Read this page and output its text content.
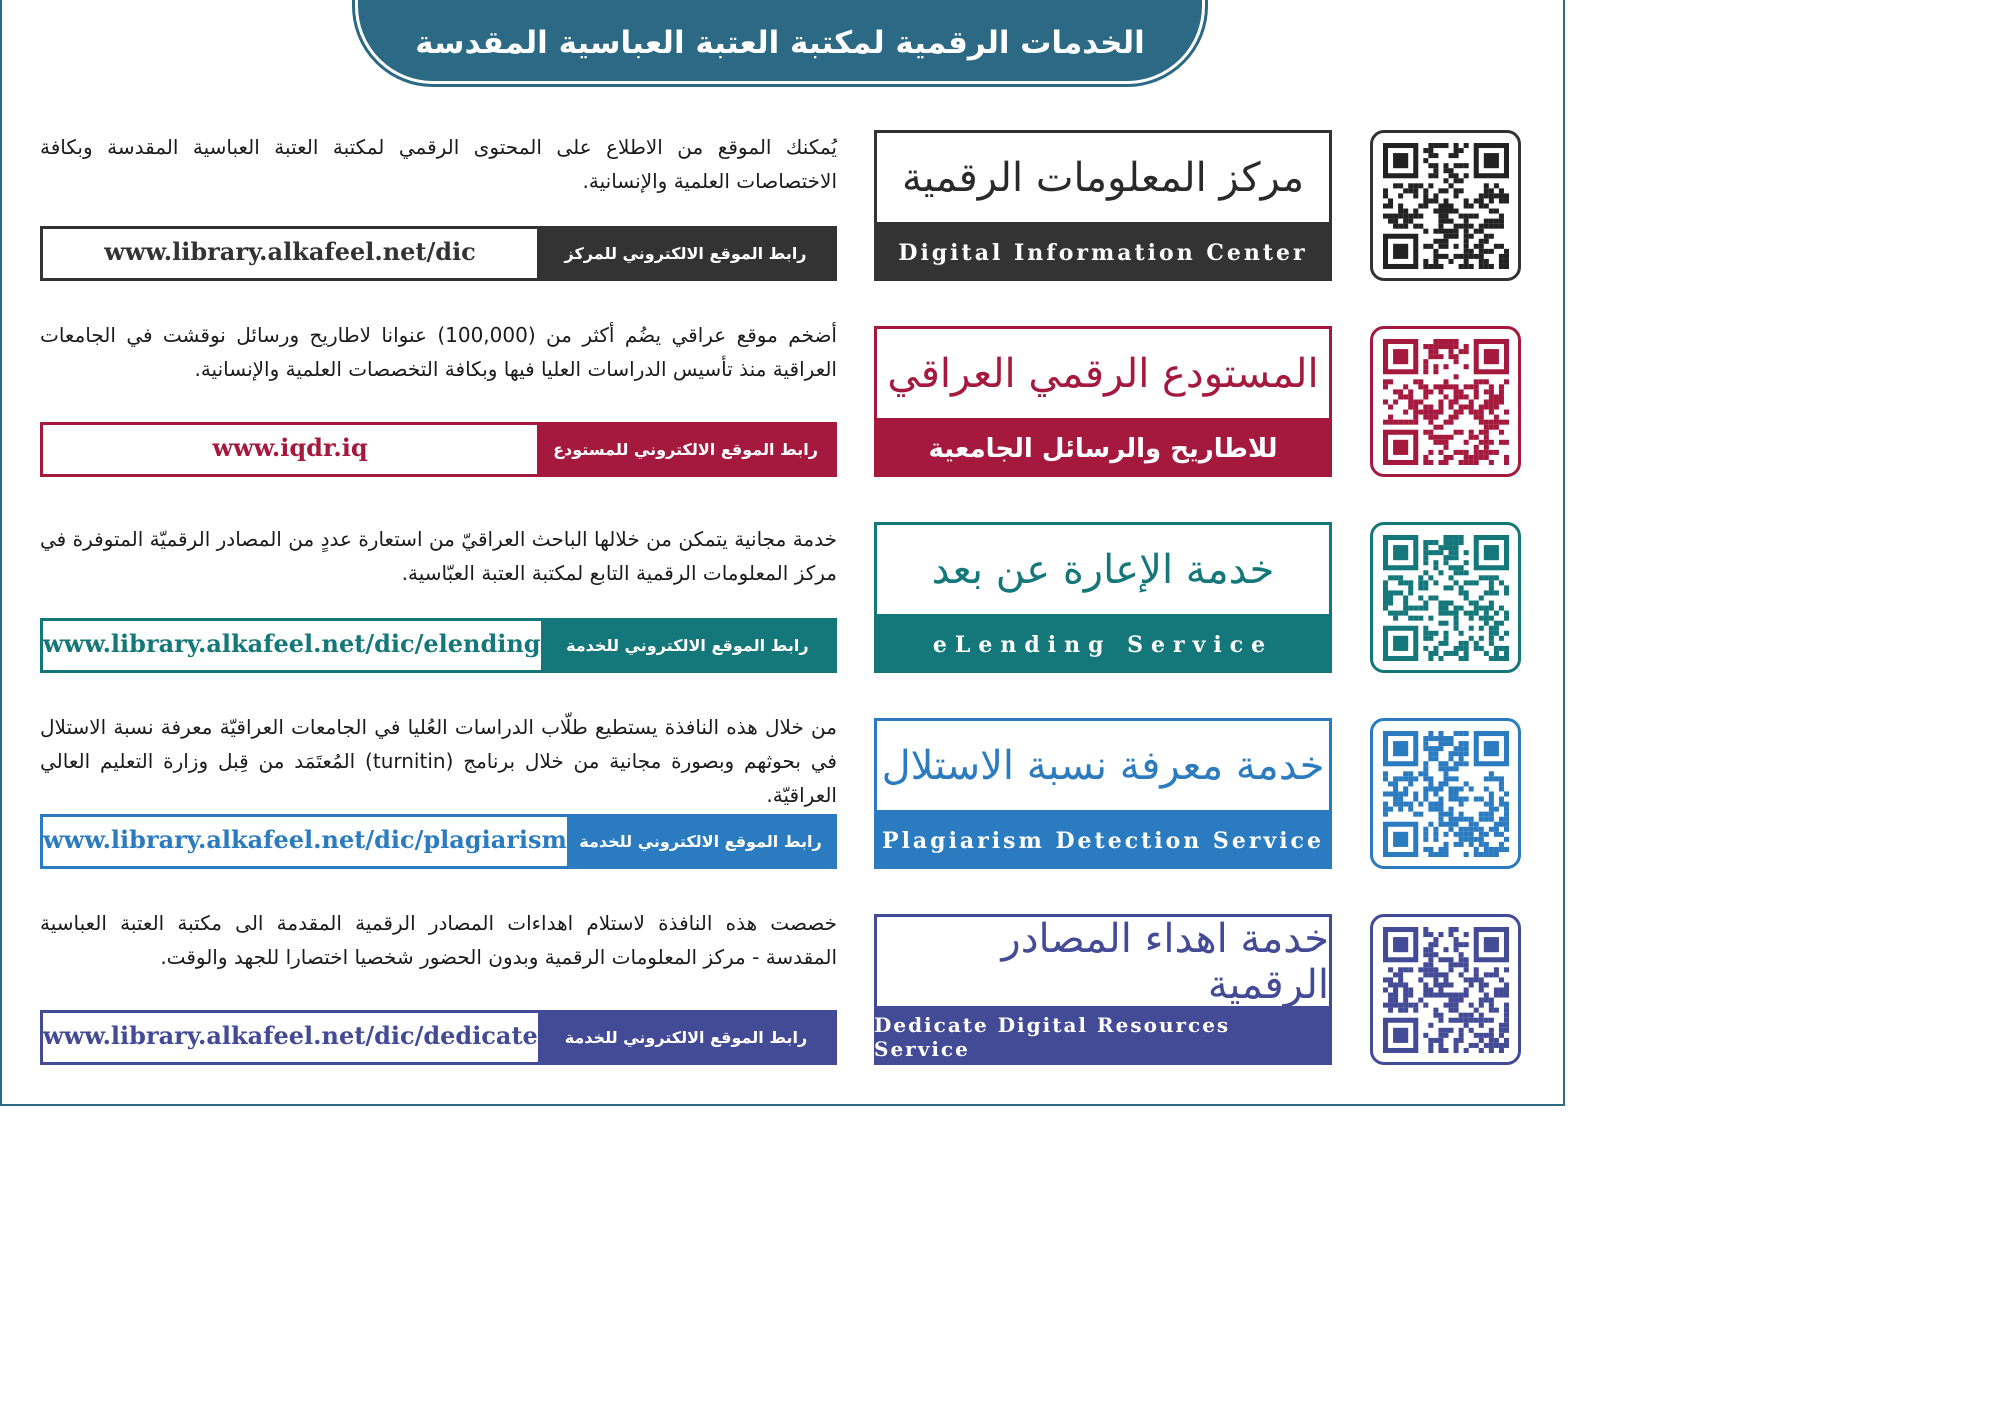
الخدمات الرقمية لمكتبة العتبة العباسية المقدسة
يُمكنك الموقع من الاطلاع على المحتوى الرقمي لمكتبة العتبة العباسية المقدسة وبكافة الاختصاصات العلمية والإنسانية.
www.library.alkafeel.net/dic	رابط الموقع الالكتروني للمركز
مركز المعلومات الرقمية
Digital Information Center
أضخم موقع عراقي يضُم أكثر من (100,000) عنوانا لاطاريح ورسائل نوقشت في الجامعات العراقية منذ تأسيس الدراسات العليا فيها وبكافة التخصصات العلمية والإنسانية.
www.iqdr.iq	رابط الموقع الالكتروني للمستودع
المستودع الرقمي العراقي
للاطاريح والرسائل الجامعية
خدمة مجانية يتمكن من خلالها الباحث العراقيّ من استعارة عددٍ من المصادر الرقميّة المتوفرة في مركز المعلومات الرقمية التابع لمكتبة العتبة العبّاسية.
www.library.alkafeel.net/dic/elending	رابط الموقع الالكتروني للخدمة
خدمة الإعارة عن بعد
eLending Service
من خلال هذه النافذة يستطيع طلّاب الدراسات العُليا في الجامعات العراقيّة معرفة نسبة الاستلال في بحوثهم وبصورة مجانية من خلال برنامج (turnitin) المُعتَمَد من قِبل وزارة التعليم العالي العراقيّة.
www.library.alkafeel.net/dic/plagiarism رابط الموقع الالكتروني للخدمة
خدمة معرفة نسبة الاستلال
Plagiarism Detection Service
خصصت هذه النافذة لاستلام اهداءات المصادر الرقمية المقدمة الى مكتبة العتبة العباسية المقدسة - مركز المعلومات الرقمية وبدون الحضور شخصيا اختصارا للجهد والوقت.
www.library.alkafeel.net/dic/dedicate	رابط الموقع الالكتروني للخدمة
خدمة اهداء المصادر الرقمية
Dedicate Digital Resources Service
